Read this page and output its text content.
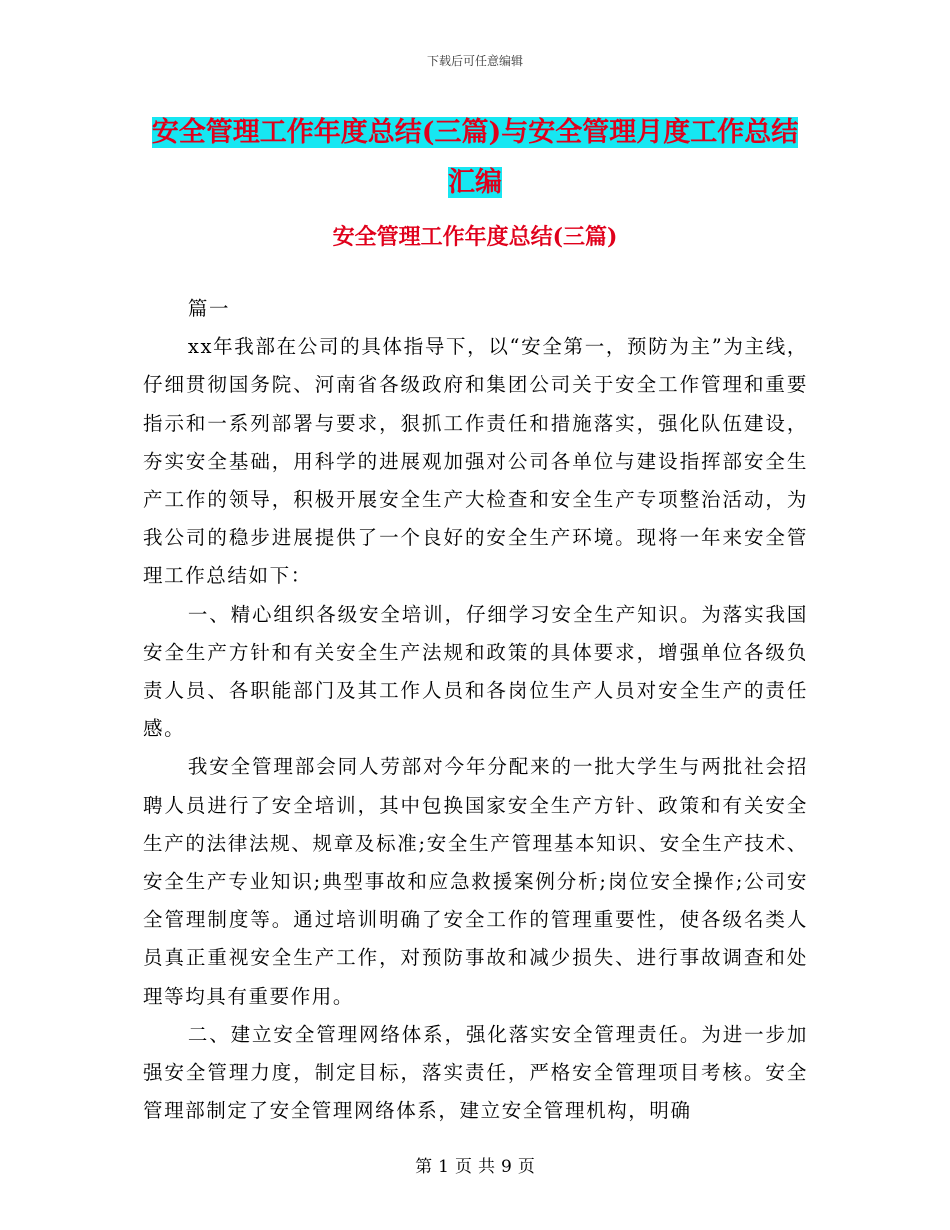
下载后可任意编辑
安全管理工作年度总结(三篇)与安全管理月度工作总结汇编
安全管理工作年度总结(三篇)

篇一

xx年我部在公司的具体指导下，以“安全第一，预防为主”为主线，仔细贯彻国务院、河南省各级政府和集团公司关于安全工作管理和重要指示和一系列部署与要求，狠抓工作责任和措施落实，强化队伍建设，夯实安全基础，用科学的进展观加强对公司各单位与建设指挥部安全生产工作的领导，积极开展安全生产大检查和安全生产专项整治活动，为我公司的稳步进展提供了一个良好的安全生产环境。现将一年来安全管理工作总结如下：

一、精心组织各级安全培训，仔细学习安全生产知识。为落实我国安全生产方针和有关安全生产法规和政策的具体要求，增强单位各级负责人员、各职能部门及其工作人员和各岗位生产人员对安全生产的责任感。

我安全管理部会同人劳部对今年分配来的一批大学生与两批社会招聘人员进行了安全培训，其中包换国家安全生产方针、政策和有关安全生产的法律法规、规章及标准;安全生产管理基本知识、安全生产技术、安全生产专业知识;典型事故和应急救援案例分析;岗位安全操作;公司安全管理制度等。通过培训明确了安全工作的管理重要性，使各级名类人员真正重视安全生产工作，对预防事故和减少损失、进行事故调查和处理等均具有重要作用。

二、建立安全管理网络体系，强化落实安全管理责任。为进一步加强安全管理力度，制定目标，落实责任，严格安全管理项目考核。安全管理部制定了安全管理网络体系，建立安全管理机构，明确

第 1 页 共 9 页
